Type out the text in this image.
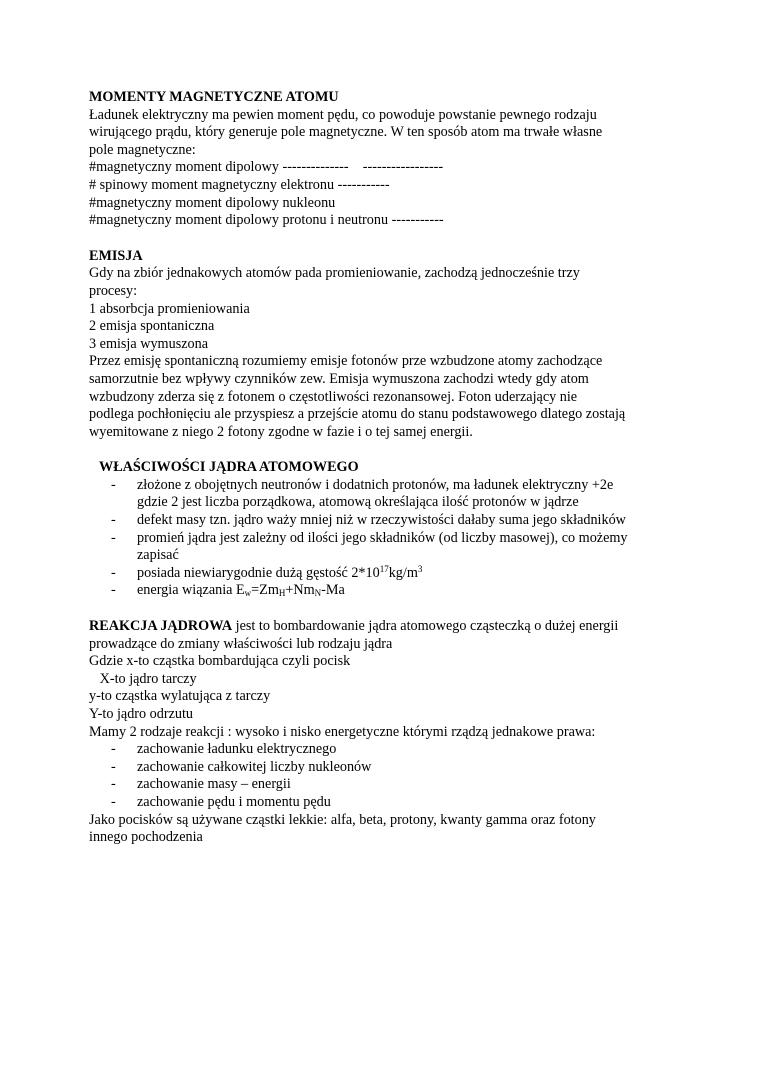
MOMENTY MAGNETYCZNE ATOMU
Ładunek elektryczny ma pewien moment pędu, co powoduje powstanie pewnego rodzaju
wirującego prądu, który generuje pole magnetyczne. W ten sposób atom ma trwałe własne
pole magnetyczne:
#magnetyczny moment dipolowy --------------    -----------------
# spinowy moment magnetyczny elektronu -----------
#magnetyczny moment dipolowy nukleonu
#magnetyczny moment dipolowy protonu i neutronu -----------
EMISJA
Gdy na zbiór jednakowych atomów pada promieniowanie, zachodzą jednocześnie trzy
procesy:
1 absorbcja promieniowania
2 emisja spontaniczna
3 emisja wymuszona
Przez emisję spontaniczną rozumiemy emisje fotonów prze wzbudzone atomy zachodzące
samorzutnie bez wpływy czynników zew. Emisja wymuszona zachodzi wtedy gdy atom
wzbudzony zderza się z fotonem o częstotliwości rezonansowej. Foton uderzający nie
podlega pochłonięciu ale przyspiesz a przejście atomu do stanu podstawowego dlatego zostają
wyemitowane z niego 2 fotony zgodne w fazie i o tej samej energii.
WŁAŚCIWOŚCI JĄDRA ATOMOWEGO
- złożone z obojętnych neutronów i dodatnich protonów, ma ładunek elektryczny +2e
gdzie 2 jest liczba porządkowa, atomową określająca ilość protonów w jądrze
- defekt masy tzn. jądro waży mniej niż w rzeczywistości dałaby suma jego składników
- promień jądra jest zależny od ilości jego składników (od liczby masowej), co możemy
zapisać
- posiada niewiarygodnie dużą gęstość $2*10^{17}kg/m^3$
- energia wiązania $E_w=Zm_H+Nm_N-Ma$

REAKCJA JĄDROWA jest to bombardowanie jądra atomowego cząsteczką o dużej energii

prowadzące do zmiany właściwości lub rodzaju jądra
Gdzie x-to cząstka bombardująca czyli pocisk
X-to jądro tarczy
y-to cząstka wylatująca z tarczy
Y-to jądro odrzutu
Mamy 2 rodzaje reakcji : wysoko i nisko energetyczne którymi rządzą jednakowe prawa:
- zachowanie ładunku elektrycznego
- zachowanie całkowitej liczby nukleonów
- zachowanie masy – energii
- zachowanie pędu i momentu pędu
Jako pocisków są używane cząstki lekkie: alfa, beta, protony, kwanty gamma oraz fotony
innego pochodzenia
